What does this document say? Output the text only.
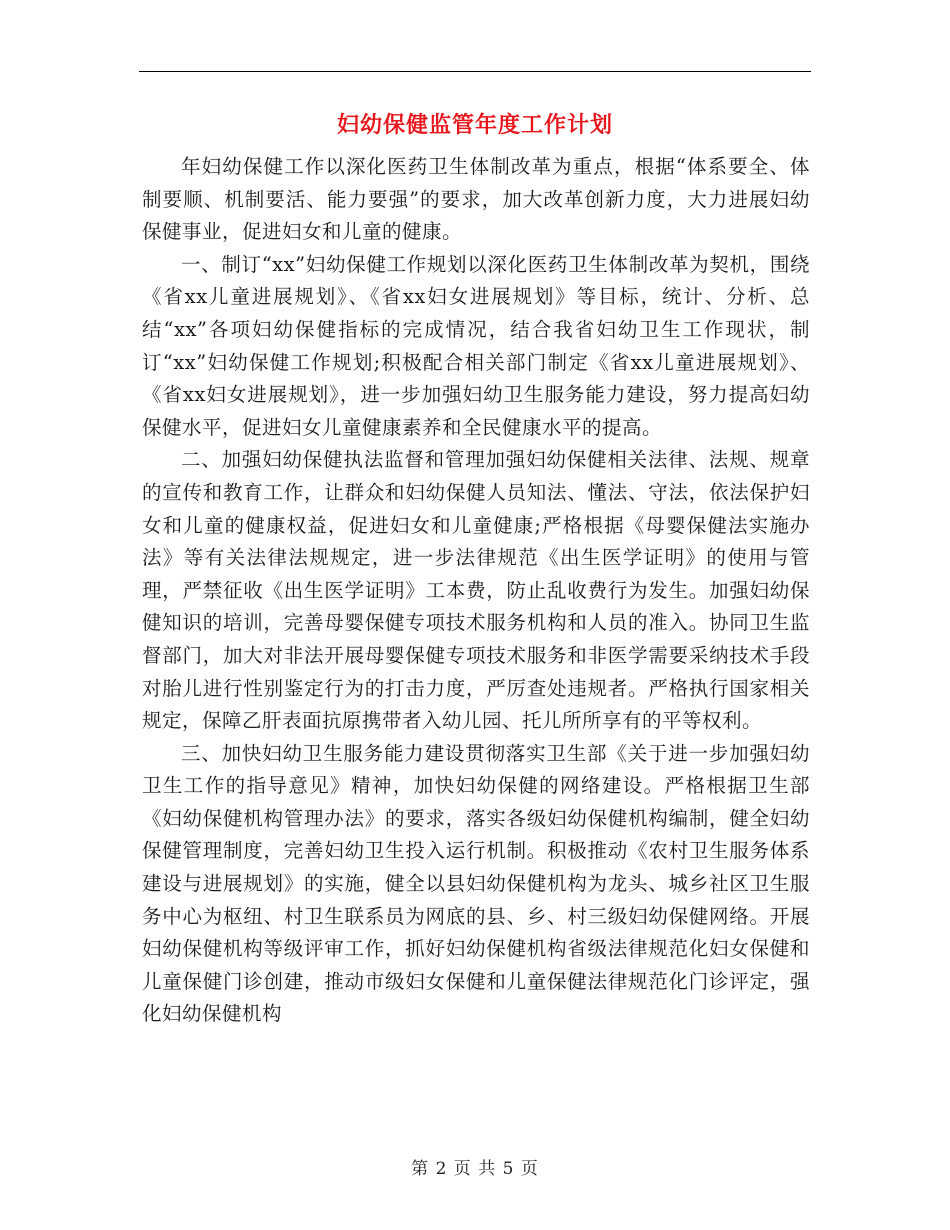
妇幼保健监管年度工作计划

年妇幼保健工作以深化医药卫生体制改革为重点，根据“体系要全、体制要顺、机制要活、能力要强”的要求，加大改革创新力度，大力进展妇幼保健事业，促进妇女和儿童的健康。

一、制订“xx”妇幼保健工作规划以深化医药卫生体制改革为契机，围绕《省xx儿童进展规划》、《省xx妇女进展规划》等目标，统计、分析、总结“xx”各项妇幼保健指标的完成情况，结合我省妇幼卫生工作现状，制订“xx”妇幼保健工作规划;积极配合相关部门制定《省xx儿童进展规划》、《省xx妇女进展规划》，进一步加强妇幼卫生服务能力建设，努力提高妇幼保健水平，促进妇女儿童健康素养和全民健康水平的提高。

二、加强妇幼保健执法监督和管理加强妇幼保健相关法律、法规、规章的宣传和教育工作，让群众和妇幼保健人员知法、懂法、守法，依法保护妇女和儿童的健康权益，促进妇女和儿童健康;严格根据《母婴保健法实施办法》等有关法律法规规定，进一步法律规范《出生医学证明》的使用与管理，严禁征收《出生医学证明》工本费，防止乱收费行为发生。加强妇幼保健知识的培训，完善母婴保健专项技术服务机构和人员的准入。协同卫生监督部门，加大对非法开展母婴保健专项技术服务和非医学需要采纳技术手段对胎儿进行性别鉴定行为的打击力度，严厉查处违规者。严格执行国家相关规定，保障乙肝表面抗原携带者入幼儿园、托儿所所享有的平等权利。

三、加快妇幼卫生服务能力建设贯彻落实卫生部《关于进一步加强妇幼卫生工作的指导意见》精神，加快妇幼保健的网络建设。严格根据卫生部《妇幼保健机构管理办法》的要求，落实各级妇幼保健机构编制，健全妇幼保健管理制度，完善妇幼卫生投入运行机制。积极推动《农村卫生服务体系建设与进展规划》的实施，健全以县妇幼保健机构为龙头、城乡社区卫生服务中心为枢纽、村卫生联系员为网底的县、乡、村三级妇幼保健网络。开展妇幼保健机构等级评审工作，抓好妇幼保健机构省级法律规范化妇女保健和儿童保健门诊创建，推动市级妇女保健和儿童保健法律规范化门诊评定，强化妇幼保健机构

第 2 页 共 5 页
